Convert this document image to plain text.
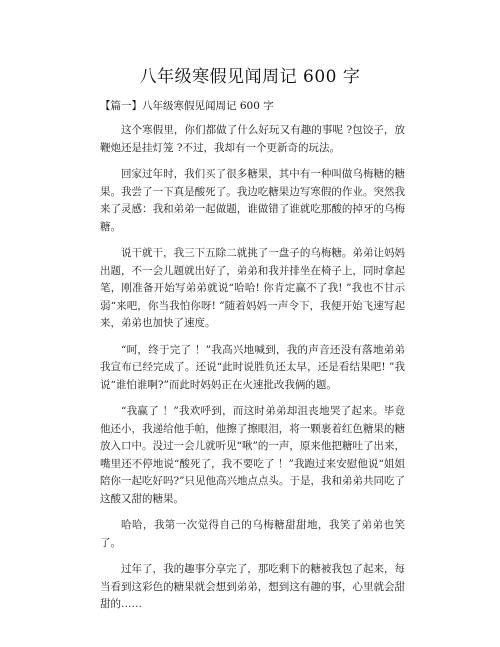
八年级寒假见闻周记 600 字
【篇一】八年级寒假见闻周记 600 字

这个寒假里，你们都做了什么好玩又有趣的事呢 ?包饺子，放鞭炮还是挂灯笼 ?不过，我却有一个更新奇的玩法。

回家过年时，我们买了很多糖果，其中有一种叫做乌梅糖的糖果。我尝了一下真是酸死了。我边吃糖果边写寒假的作业。突然我来了灵感：我和弟弟一起做题，谁做错了谁就吃那酸的掉牙的乌梅糖。

说干就干，我三下五除二就挑了一盘子的乌梅糖。弟弟让妈妈出题，不一会儿题就出好了，弟弟和我并排坐在椅子上，同时拿起笔，刚准备开始写弟弟就说“哈哈! 你肯定赢不了我! ”我也不甘示弱“来吧，你当我怕你呀! ”随着妈妈一声令下，我便开始飞速写起来，弟弟也加快了速度。

“呵，终于完了 ！”我高兴地喊到，我的声音还没有落地弟弟我宣布已经完成了。还说“此时说胜负还太早，还是看结果吧! ”我说“谁怕谁啊?”而此时妈妈正在火速批改我俩的题。

“我赢了 ！”我欢呼到，而这时弟弟却沮丧地哭了起来。毕竟他还小，我递给他手帕，他擦了擦眼泪，将一颗裹着红色糖果的糖放入口中。没过一会儿就听见“啾”的一声，原来他把糖吐了出来，嘴里还不停地说“酸死了，我不要吃了 ！”我跑过来安慰他说“姐姐陪你一起吃好吗?”只见他高兴地点点头。于是，我和弟弟共同吃了这酸又甜的糖果。

哈哈，我第一次觉得自己的乌梅糖甜甜地，我笑了弟弟也笑了。

过年了，我的趣事分享完了，那吃剩下的糖被我包了起来，每当看到这彩色的糖果就会想到弟弟，想到这有趣的事，心里就会甜甜的……
